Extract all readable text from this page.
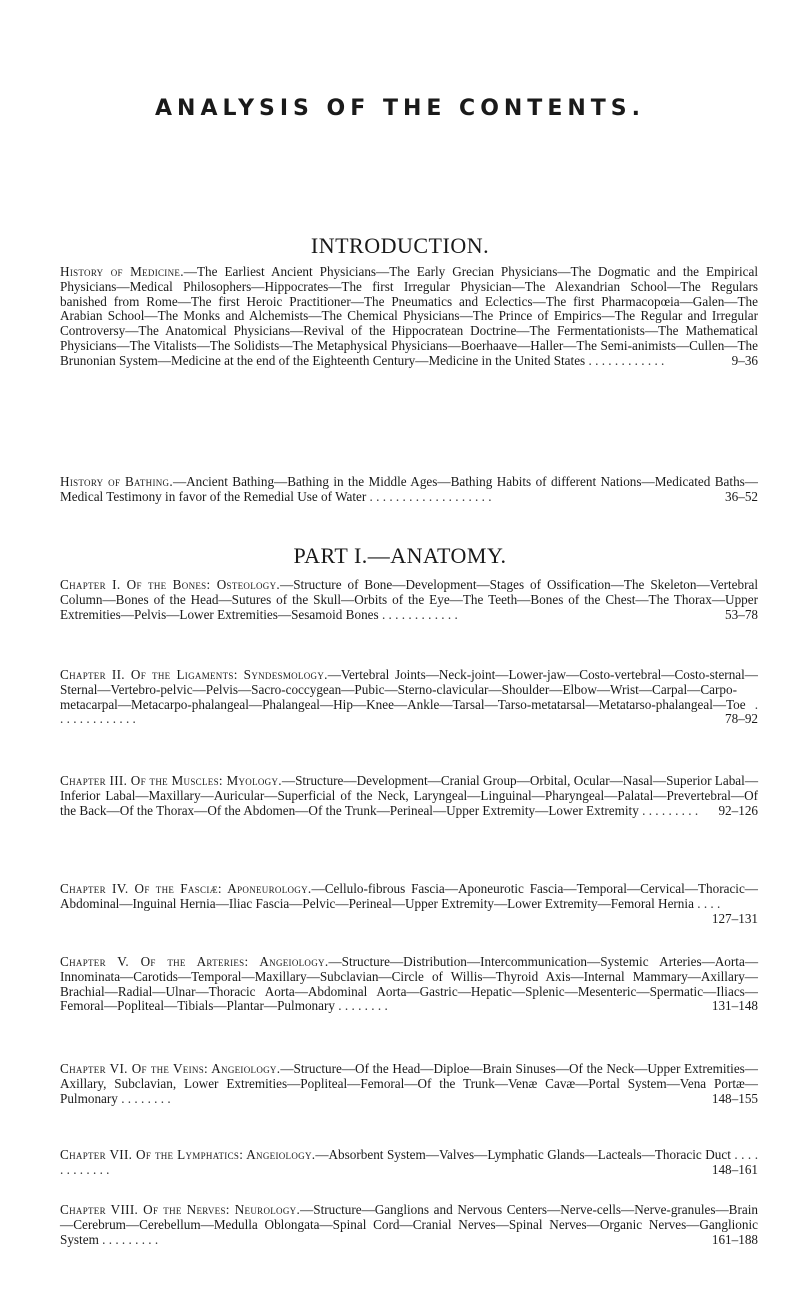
ANALYSIS OF THE CONTENTS.
INTRODUCTION.

History of Medicine.—The Earliest Ancient Physicians—The Early Grecian Physicians—The Dogmatic and the Empirical Physicians—Medical Philosophers—Hippocrates—The first Irregular Physician—The Alexandrian School—The Regulars banished from Rome—The first Heroic Practitioner—The Pneumatics and Eclectics—The first Pharmacopœia—Galen—The Arabian School—The Monks and Alchemists—The Chemical Physicians—The Prince of Empirics—The Regular and Irregular Controversy—The Anatomical Physicians—Revival of the Hippocratean Doctrine—The Fermentationists—The Mathematical Physicians—The Vitalists—The Solidists—The Metaphysical Physicians—Boerhaave—Haller—The Semi-animists—Cullen—The Brunonian System—Medicine at the end of the Eighteenth Century—Medicine in the United States . . . . . . . . . . . .	9–36

History of Bathing.—Ancient Bathing—Bathing in the Middle Ages—Bathing Habits of different Nations—Medicated Baths—Medical Testimony in favor of the Remedial Use of Water . . . . . . . . . . . . . . . . . . .	36–52

PART I.—ANATOMY.

Chapter I. Of the Bones: Osteology.—Structure of Bone—Development—Stages of Ossification—The Skeleton—Vertebral Column—Bones of the Head—Sutures of the Skull—Orbits of the Eye—The Teeth—Bones of the Chest—The Thorax—Upper Extremities—Pelvis—Lower Extremities—Sesamoid Bones . . . . . . . . . . . .	53–78

Chapter II. Of the Ligaments: Syndesmology.—Vertebral Joints—Neck-joint—Lower-jaw—Costo-vertebral—Costo-sternal—Sternal—Vertebro-pelvic—Pelvis—Sacro-coccygean—Pubic—Sterno-clavicular—Shoulder—Elbow—Wrist—Carpal—Carpo-metacarpal—Metacarpo-phalangeal—Phalangeal—Hip—Knee—Ankle—Tarsal—Tarso-metatarsal—Metatarso-phalangeal—Toe . . . . . . . . . . . . .	78–92

Chapter III. Of the Muscles: Myology.—Structure—Development—Cranial Group—Orbital, Ocular—Nasal—Superior Labal—Inferior Labal—Maxillary—Auricular—Superficial of the Neck, Laryngeal—Linguinal—Pharyngeal—Palatal—Prevertebral—Of the Back—Of the Thorax—Of the Abdomen—Of the Trunk—Perineal—Upper Extremity—Lower Extremity . . . . . . . . .	92–126

Chapter IV. Of the Fasciæ: Aponeurology.—Cellulo-fibrous Fascia—Aponeurotic Fascia—Temporal—Cervical—Thoracic—Abdominal—Inguinal Hernia—Iliac Fascia—Pelvic—Perineal—Upper Extremity—Lower Extremity—Femoral Hernia . . . .
127–131

Chapter V. Of the Arteries: Angeiology.—Structure—Distribution—Intercommunication—Systemic Arteries—Aorta—Innominata—Carotids—Temporal—Maxillary—Subclavian—Circle of Willis—Thyroid Axis—Internal Mammary—Axillary—Brachial—Radial—Ulnar—Thoracic Aorta—Abdominal Aorta—Gastric—Hepatic—Splenic—Mesenteric—Spermatic—Iliacs—Femoral—Popliteal—Tibials—Plantar—Pulmonary . . . . . . . .	131–148

Chapter VI. Of the Veins: Angeiology.—Structure—Of the Head—Diploe—Brain Sinuses—Of the Neck—Upper Extremities—Axillary, Subclavian, Lower Extremities—Popliteal—Femoral—Of the Trunk—Venæ Cavæ—Portal System—Vena Portæ—Pulmonary . . . . . . . .	148–155

Chapter VII. Of the Lymphatics: Angeiology.—Absorbent System—Valves—Lymphatic Glands—Lacteals—Thoracic Duct . . . . . . . . . . . .	148–161

Chapter VIII. Of the Nerves: Neurology.—Structure—Ganglions and Nervous Centers—Nerve-cells—Nerve-granules—Brain—Cerebrum—Cerebellum—Medulla Oblongata—Spinal Cord—Cranial Nerves—Spinal Nerves—Organic Nerves—Ganglionic System . . . . . . . . .	161–188
